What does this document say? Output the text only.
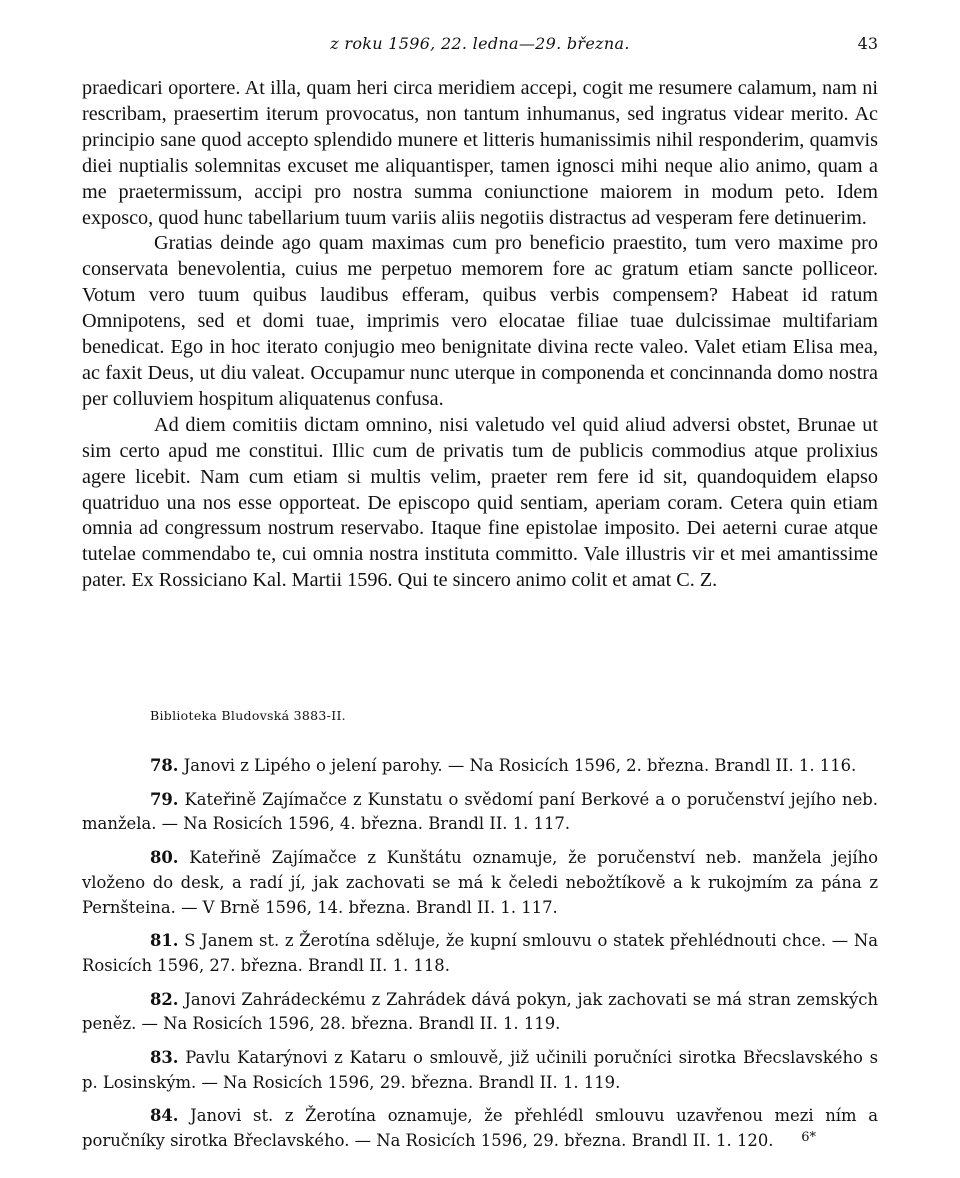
z roku 1596, 22. ledna—29. března.	43

praedicari oportere. At illa, quam heri circa meridiem accepi, cogit me resumere calamum, nam ni rescribam, praesertim iterum provocatus, non tantum inhumanus, sed ingratus videar merito. Ac principio sane quod accepto splendido munere et litteris humanissimis nihil responderim, quamvis diei nuptialis solemnitas excuset me aliquantisper, tamen ignosci mihi neque alio animo, quam a me praetermissum, accipi pro nostra summa coniunctione maiorem in modum peto. Idem exposco, quod hunc tabellarium tuum variis aliis negotiis distractus ad vesperam fere detinuerim.

Gratias deinde ago quam maximas cum pro beneficio praestito, tum vero maxime pro conservata benevolentia, cuius me perpetuo memorem fore ac gratum etiam sancte polliceor. Votum vero tuum quibus laudibus efferam, quibus verbis compensem? Habeat id ratum Omnipotens, sed et domi tuae, imprimis vero elocatae filiae tuae dulcissimae multifariam benedicat. Ego in hoc iterato conjugio meo benignitate divina recte valeo. Valet etiam Elisa mea, ac faxit Deus, ut diu valeat. Occupamur nunc uterque in componenda et concinnanda domo nostra per colluviem hospitum aliquatenus confusa.

Ad diem comitiis dictam omnino, nisi valetudo vel quid aliud adversi obstet, Brunae ut sim certo apud me constitui. Illic cum de privatis tum de publicis commodius atque prolixius agere licebit. Nam cum etiam si multis velim, praeter rem fere id sit, quandoquidem elapso quatriduo una nos esse opporteat. De episcopo quid sentiam, aperiam coram. Cetera quin etiam omnia ad congressum nostrum reservabo. Itaque fine epistolae imposito. Dei aeterni curae atque tutelae commendabo te, cui omnia nostra instituta committo. Vale illustris vir et mei amantissime pater. Ex Rossiciano Kal. Martii 1596. Qui te sincero animo colit et amat C. Z.

Biblioteka Bludovská 3883-II.

78. Janovi z Lipého o jelení parohy. — Na Rosicích 1596, 2. března. Brandl II. 1. 116.

79. Kateřině Zajímačce z Kunstatu o svědomí paní Berkové a o poručenství jejího neb. manžela. — Na Rosicích 1596, 4. března. Brandl II. 1. 117.

80. Kateřině Zajímačce z Kunštátu oznamuje, že poručenství neb. manžela jejího vloženo do desk, a radí jí, jak zachovati se má k čeledi nebožtíkově a k rukojmím za pána z Pernšteina. — V Brně 1596, 14. března. Brandl II. 1. 117.

81. S Janem st. z Žerotína sděluje, že kupní smlouvu o statek přehlédnouti chce. — Na Rosicích 1596, 27. března. Brandl II. 1. 118.

82. Janovi Zahrádeckému z Zahrádek dává pokyn, jak zachovati se má stran zemských peněz. — Na Rosicích 1596, 28. března. Brandl II. 1. 119.

83. Pavlu Katarýnovi z Kataru o smlouvě, již učinili poručníci sirotka Břecslavského s p. Losinským. — Na Rosicích 1596, 29. března. Brandl II. 1. 119.

84. Janovi st. z Žerotína oznamuje, že přehlédl smlouvu uzavřenou mezi ním a poručníky sirotka Břeclavského. — Na Rosicích 1596, 29. března. Brandl II. 1. 120.	6*
